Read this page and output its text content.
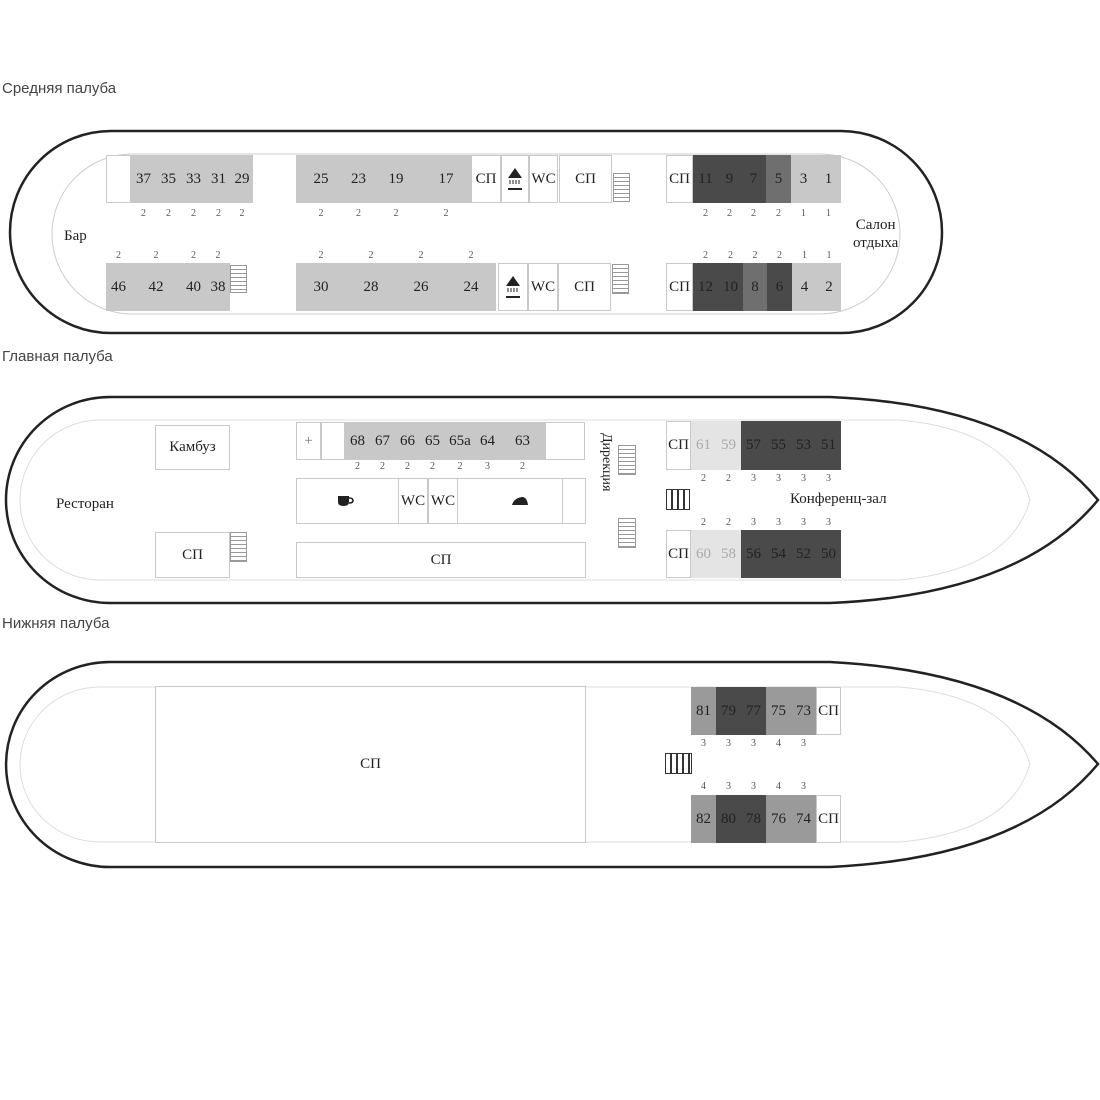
Средняя палуба
Бар
Салон
отдыха
37
2
35
2
33
2
31
2
29
2
25
2
23
2
19
2
17
2
11
2
9
2
7
2
5
2
3
1
1
1
СП	WC	СП	СП
46
2
42
2
40
2
38
2
30
2
28
2
26
2
24
2
12
2
10
2
8
2
6
2
4
1
2
1
WC	СП	СП
Главная палуба
Камбуз
Ресторан
СП
+	68
2
67
2
66
2
65
2
65а
2
64
3
63
2
WC WC
СП
Дирекция	СП 61
2
59
2
57
3
55
3
53
3
51
3
Конференц-зал
СП 60
2
58
2
56
3
54
3
52
3
50
3
Нижняя палуба
СП
81
3
79
3
77
3
75
4
73
3
СП
82
4
80
3
78
3
76
4
74
3
СП
